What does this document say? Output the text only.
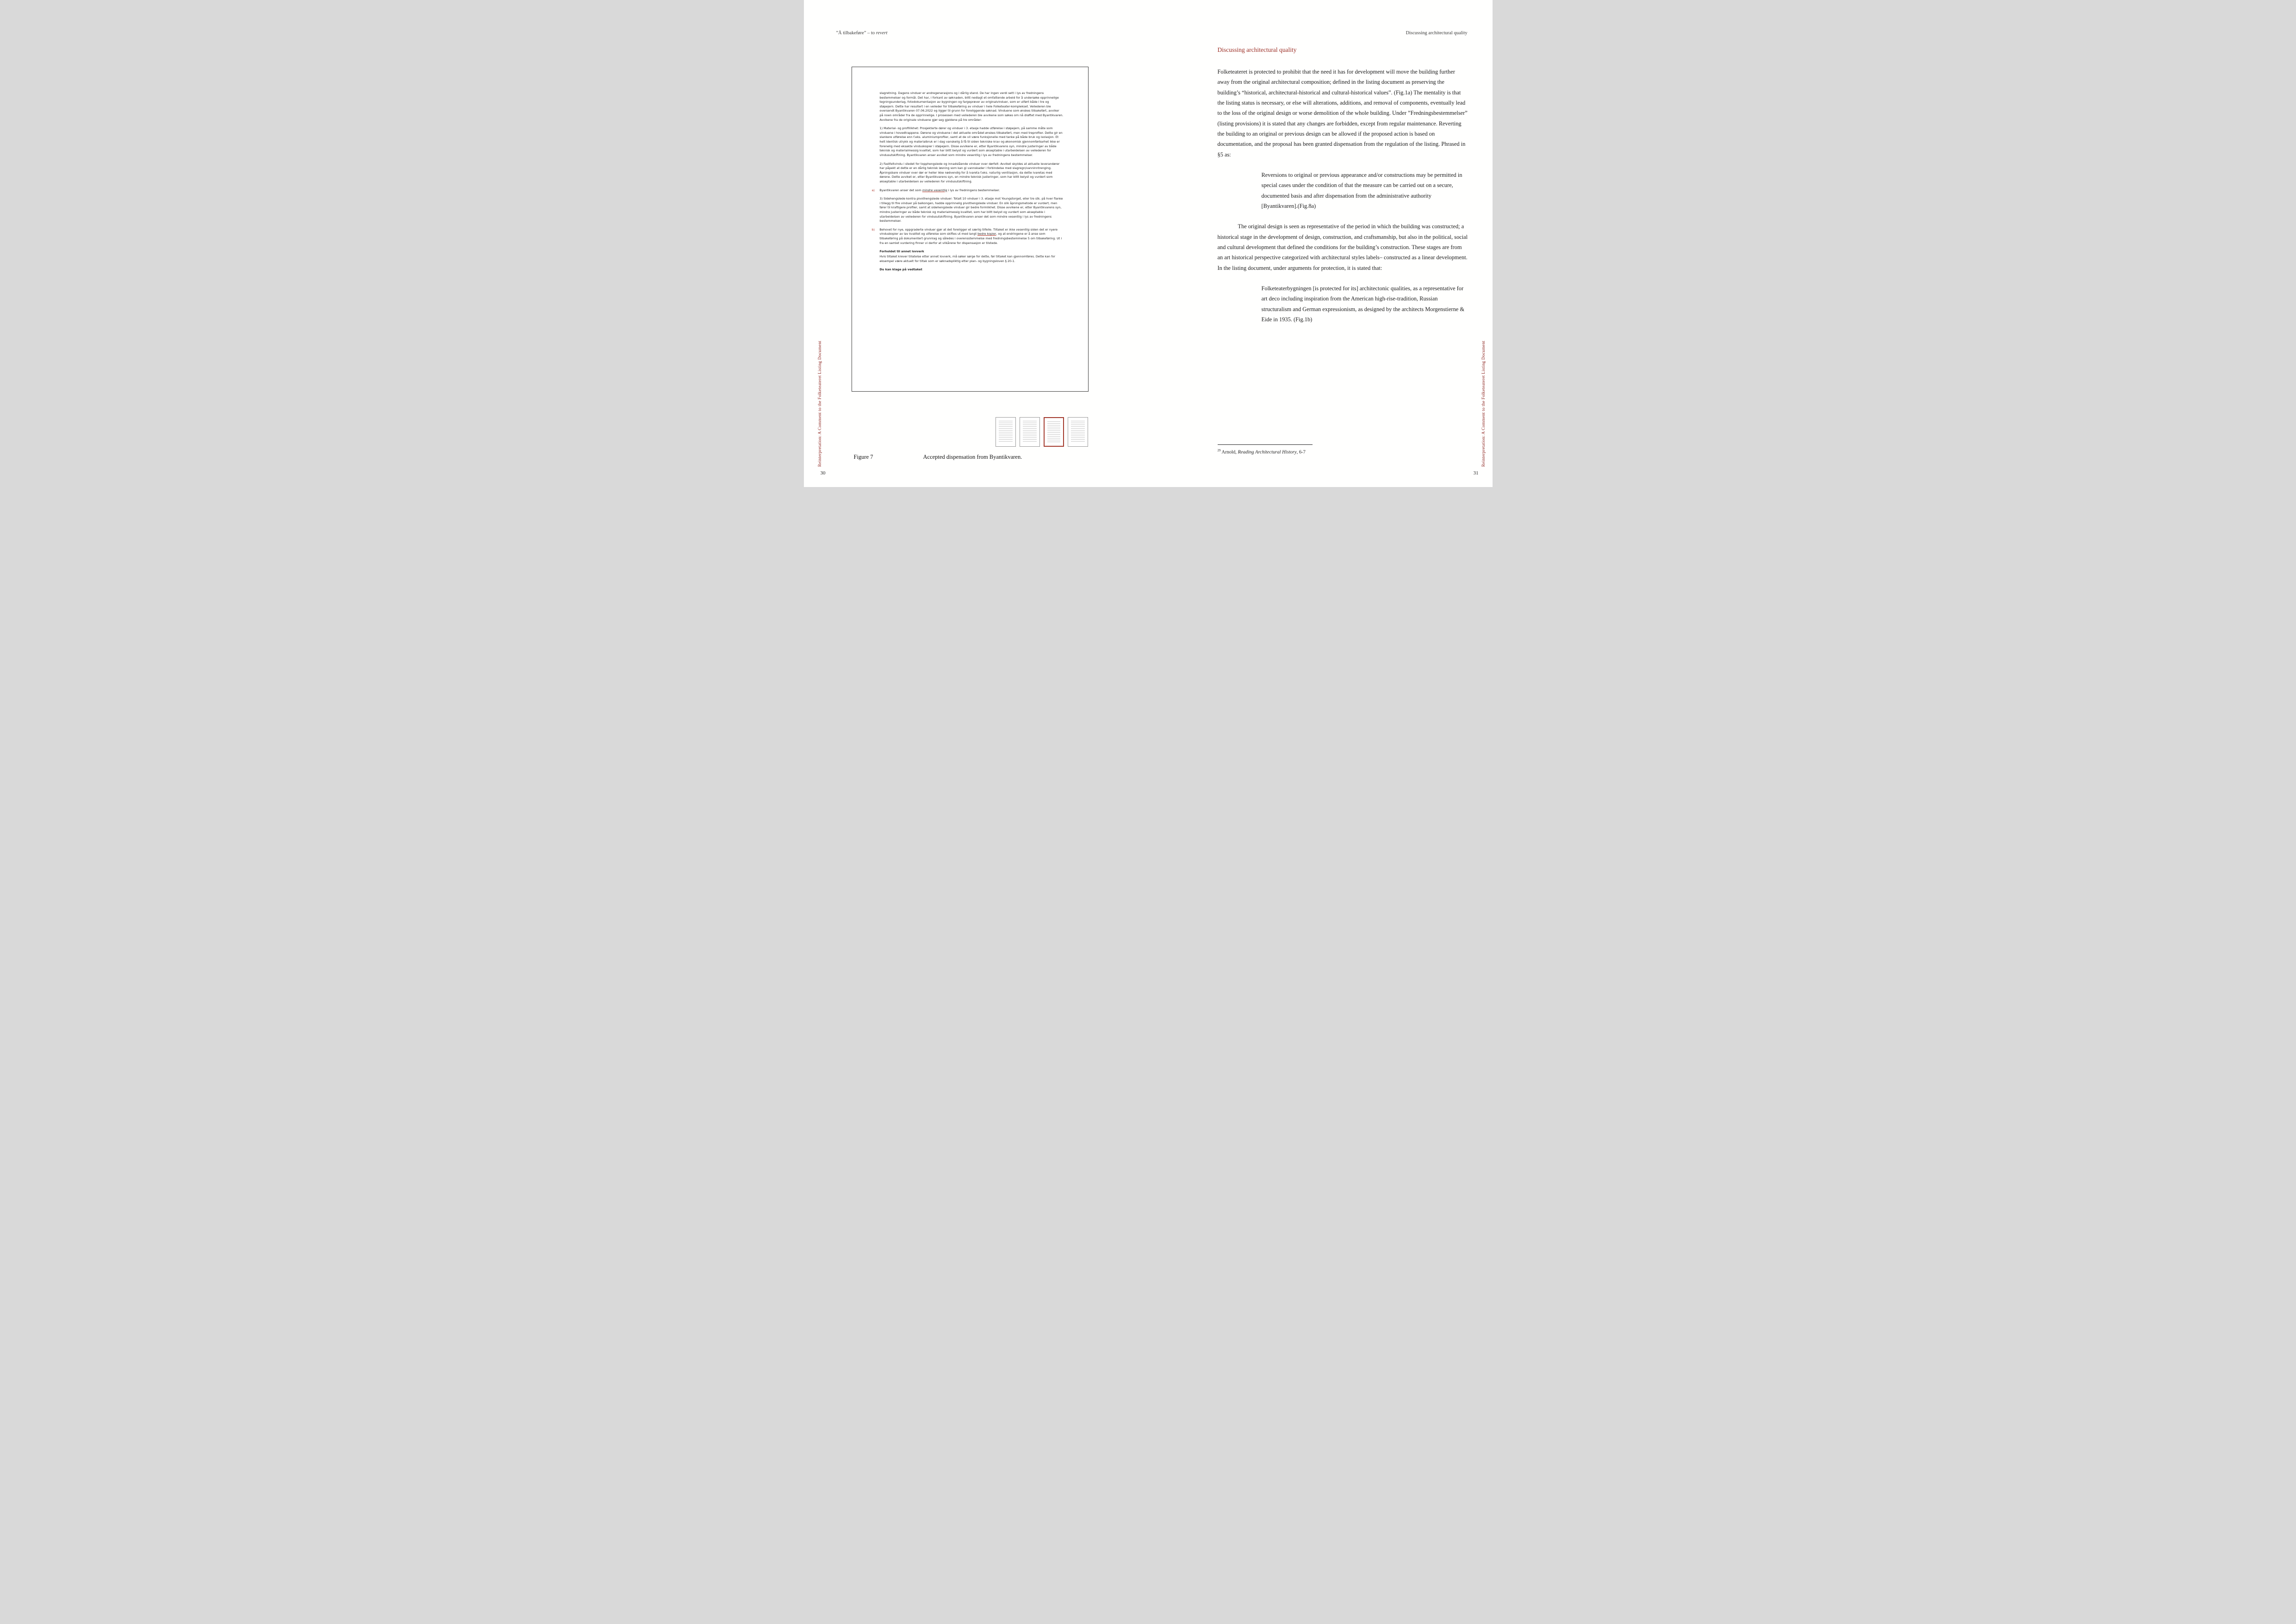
”Å tilbakeføre” – to revert	Discussing architectural quality

slagretning. Dagens vinduer er andregenerasjons og i dårlig stand. De har ingen verdi sett i lys av fredningens bestemmelser og formål. Det har, i forkant av søknaden, blitt nedlagt et omfattende arbeid for å undersøke opprinnelige tegningsunderlag, fotodokumentasjon av bygningen og fargeprøver av originalvinduer, som er utført både i tre og støpejern. Dette har resultert i en veileder for tilbakeføring av vinduer i hele Folketeater-komplekset. Veilederen ble oversendt Byantikvaren 07.06.2022 og ligger til grunn for foreliggende søknad. Vinduene som ønskes tilbakeført, avviker på noen områder fra de opprinnelige. I prosessen med veilederen ble avvikene som søkes om nå drøftet med Byantikvaren. Avvikene fra de originale vinduene gjør seg gjeldene på tre områder:

1) Material- og profillikhet: Prosjekterte dører og vinduer i 3. etasje hadde utførelse i støpejern, på samme måte som vinduene i hovedtrappene. Dørene og vinduene i det aktuelle området ønskes tilbakeført, men med treprofiler. Dette gir en slankere utførelse enn f.eks. aluminiumprofiler, samt at de vil være funksjonelle med tanke på både bruk og isolasjon. Et helt identisk utrykk og materialbruk er i dag vanskelig å få til siden tekniske krav og økonomisk gjennomførbarhet ikke er forenelig med eksakte vinduskopier i støpejern. Disse avvikene er, etter Byantikvarens syn, mindre justeringer av både teknisk og materialmessig kvalitet, som har blitt belyst og vurdert som akseptable i utarbeidelsen av veilederen for vindusutskiftning. Byantikvaren anser avviket som mindre vesentlig i lys av fredningens bestemmelser.

2) Fastfeltvindu i stedet for topphengslede og innadslående vinduer over dørfelt: Avviket skyldes at aktuelle leverandører har påpekt at dette er en dårlig teknisk løsning som kan gi vannskader i forbindelse med slagregn/vanninntrenging. Åpningsbare vinduer over dør er heller ikke nødvendig for å ivareta f.eks. naturlig ventilasjon, da dette ivaretas med dørene. Dette avviket er, etter Byantikvarens syn, en mindre teknisk justeringer, som har blitt belyst og vurdert som akseptable i utarbeidelsen av veilederen for vindusutskiftning.

a) Byantikvaren anser det som mindre vesentlig i lys av fredningens bestemmelser.

3) Sidehengslede kontra pivothengslede vinduer: Totalt 10 vinduer i 3. etasje mot Youngstorget, eller tre stk. på hver flanke i tillegg til fire vinduer på balkongen, hadde opprinnelig pivothengslede vinduer. En slik åpningsmetode er vurdert, men fører til kraftigere profiler, samt at sidehengslede vinduer gir bedre formlikhet. Disse avvikene er, etter Byantikvarens syn, mindre justeringer av både teknisk og materialmessig kvalitet, som har blitt belyst og vurdert som akseptable i utarbeidelsen av veilederen for vindusutskiftning. Byantikvaren anser det som mindre vesentlig i lys av fredningens bestemmelser.

b) Behovet for nye, oppgraderte vinduer gjør at det foreligger et særlig tilfelle. Tiltaket er ikke vesentlig siden det er nyere vinduskopier av lav kvalitet og utførelse som skiftes ut med langt bedre kopier, og at endringene er å anse som tilbakeføring på dokumentert grunnlag og således i overensstemmelse med fredningsbestemmelse 5 om tilbakeføring. Ut i fra en samlet vurdering finner vi derfor at vilkårene for dispensasjon er tilstede.

Forholdet til annet lovverk

Hvis tiltaket krever tillatelse etter annet lovverk, må søker sørge for dette, før tiltaket kan gjennomføres. Dette kan for eksempel være aktuelt for tiltak som er søknadspliktig etter plan- og bygningsloven § 20-1.

Du kan klage på vedtaket

Figure 7	Accepted dispensation from Byantikvaren.
Reinterpretation: A Comment to the Folketeateret Listing Document	Reinterpretation: A Comment to the Folketeateret Listing Document
Discussing architectural quality

Folketeateret is protected to prohibit that the need it has for development will move the building further away from the original architectural composition; defined in the listing document as preserving the building’s “historical, architectural-historical and cultural-historical values”. (Fig.1a) The mentality is that the listing status is necessary, or else will alterations, additions, and removal of components, eventually lead to the loss of the original design or worse demolition of the whole building. Under ”Fredningsbestemmelser” (listing provisions) it is stated that any changes are forbidden, except from regular maintenance. Reverting the building to an original or previous design can be allowed if the proposed action is based on documentation, and the proposal has been granted dispensation from the regulation of the listing. Phrased in §5 as:

Reversions to original or previous appearance and/or constructions may be permitted in special cases under the condition of that the measure can be carried out on a secure, documented basis and after dispensation from the administrative authority [Byantikvaren].(Fig.8a)

The original design is seen as representative of the period in which the building was constructed; a historical stage in the development of design, construction, and craftsmanship, but also in the political, social and cultural development that defined the conditions for the building’s construction. These stages are from an art historical perspective categorized with architectural styles labels– constructed as a linear development. In the listing document, under arguments for protection, it is stated that:

Folketeaterbygningen [is protected for its] architectonic qualities, as a representative for art deco including inspiration from the American high-rise-tradition, Russian structuralism and German expressionism, as designed by the architects Morgenstierne & Eide in 1935. (Fig.1b)

$^{29}$ Arnold, Reading Architectural History, 6-7
30	31
